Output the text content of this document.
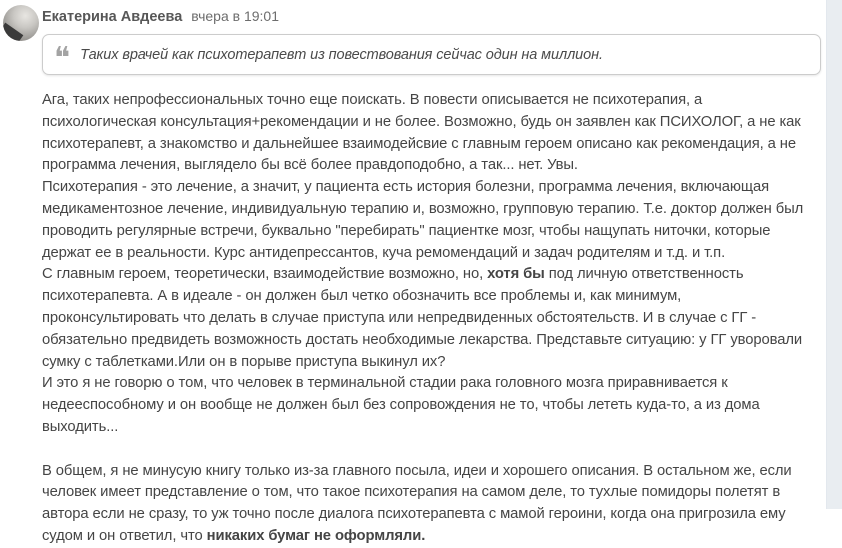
Екатерина Авдеева вчера в 19:01
❝ Таких врачей как психотерапевт из повествования сейчас один на миллион.
Ага, таких непрофессиональных точно еще поискать. В повести описывается не психотерапия, а психологическая консультация+рекомендации и не более. Возможно, будь он заявлен как ПСИХОЛОГ, а не как психотерапевт, а знакомство и дальнейшее взаимодейсвие с главным героем описано как рекомендация, а не программа лечения, выглядело бы всё более правдоподобно, а так... нет. Увы.
Психотерапия - это лечение, а значит, у пациента есть история болезни, программа лечения, включающая медикаментозное лечение, индивидуальную терапию и, возможно, групповую терапию. Т.е. доктор должен был проводить регулярные встречи, буквально "перебирать" пациентке мозг, чтобы нащупать ниточки, которые держат ее в реальности. Курс антидепрессантов, куча ремомендаций и задач родителям и т.д. и т.п.
С главным героем, теоретически, взаимодействие возможно, но, хотя бы под личную ответственность психотерапевта. А в идеале - он должен был четко обозначить все проблемы и, как минимум, проконсультировать что делать в случае приступа или непредвиденных обстоятельств. И в случае с ГГ - обязательно предвидеть возможность достать необходимые лекарства. Представьте ситуацию: у ГГ уворовали сумку с таблетками.Или он в порыве приступа выкинул их?
И это я не говорю о том, что человек в терминальной стадии рака головного мозга приравнивается к недееспособному и он вообще не должен был без сопровождения не то, чтобы лететь куда-то, а из дома выходить...
В общем, я не минусую книгу только из-за главного посыла, идеи и хорошего описания. В остальном же, если человек имеет представление о том, что такое психотерапия на самом деле, то тухлые помидоры полетят в автора если не сразу, то уж точно после диалога психотерапевта с мамой героини, когда она пригрозила ему судом и он ответил, что никаких бумаг не оформляли.
